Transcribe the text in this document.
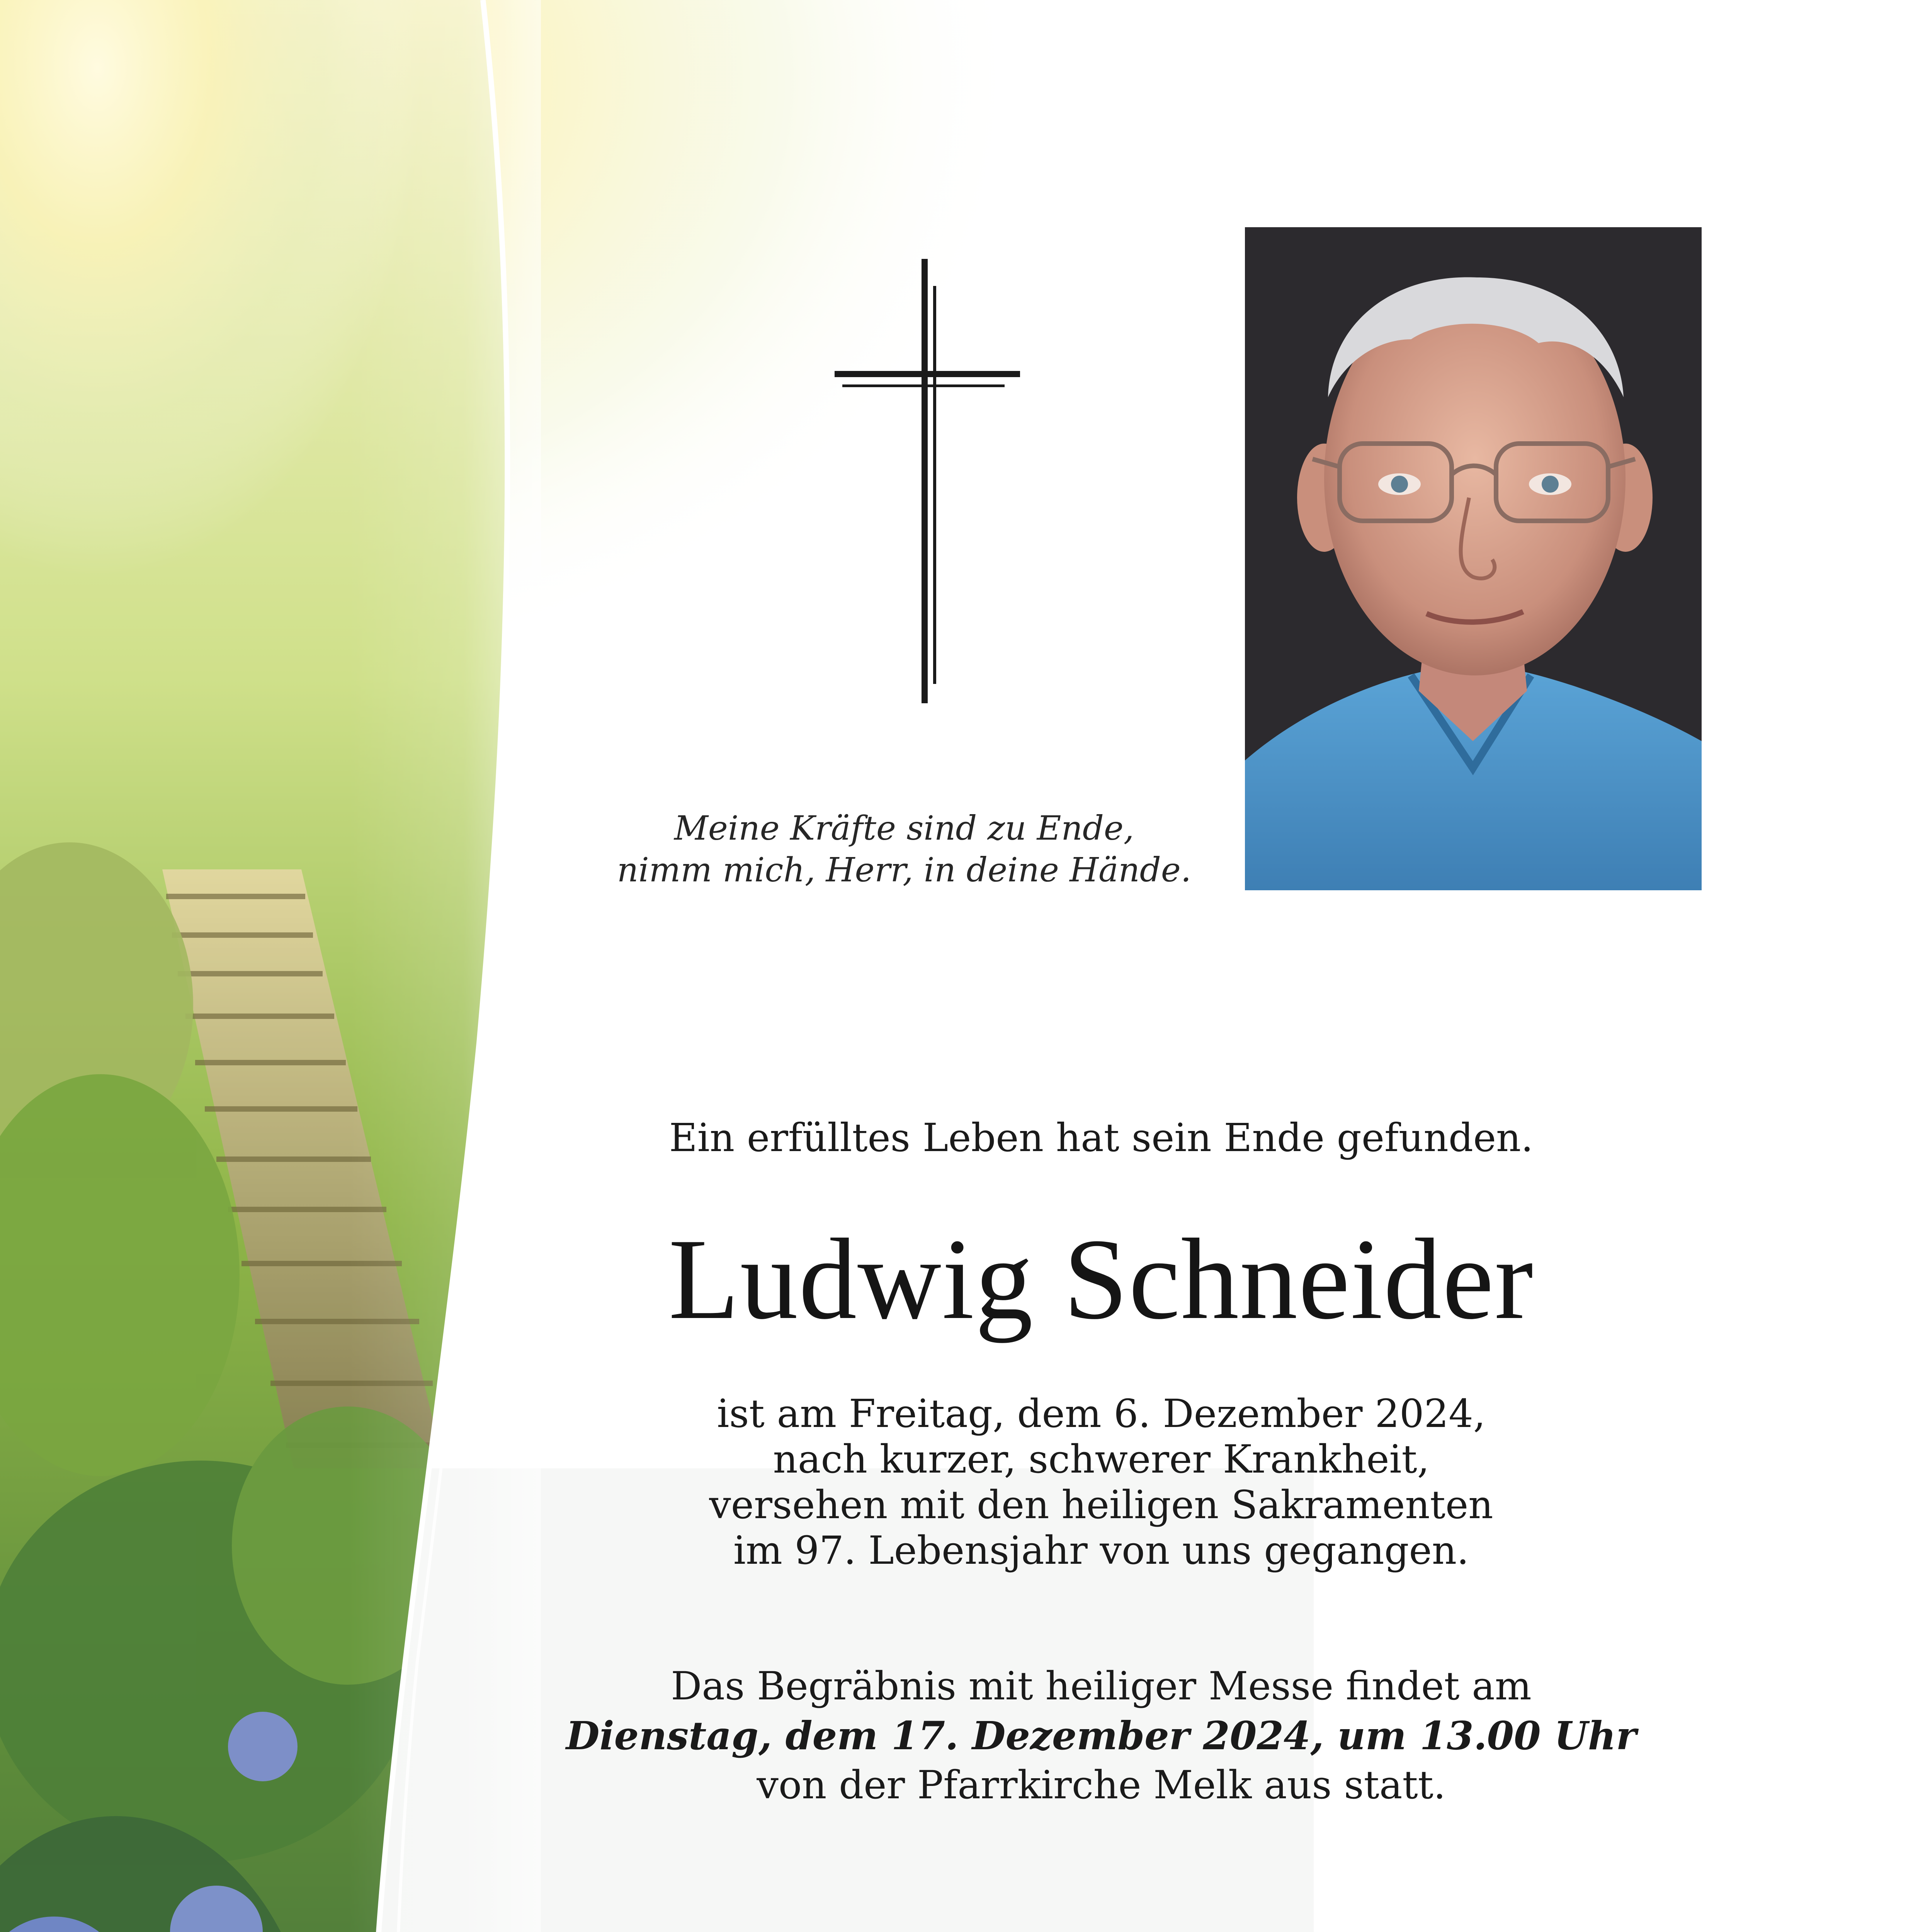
Meine Kräfte sind zu Ende,
nimm mich, Herr, in deine Hände.
Ein erfülltes Leben hat sein Ende gefunden.
Ludwig Schneider
ist am Freitag, dem 6. Dezember 2024,
nach kurzer, schwerer Krankheit,
versehen mit den heiligen Sakramenten
im 97. Lebensjahr von uns gegangen.
Das Begräbnis mit heiliger Messe findet am
Dienstag, dem 17. Dezember 2024, um 13.00 Uhr
von der Pfarrkirche Melk aus statt.
